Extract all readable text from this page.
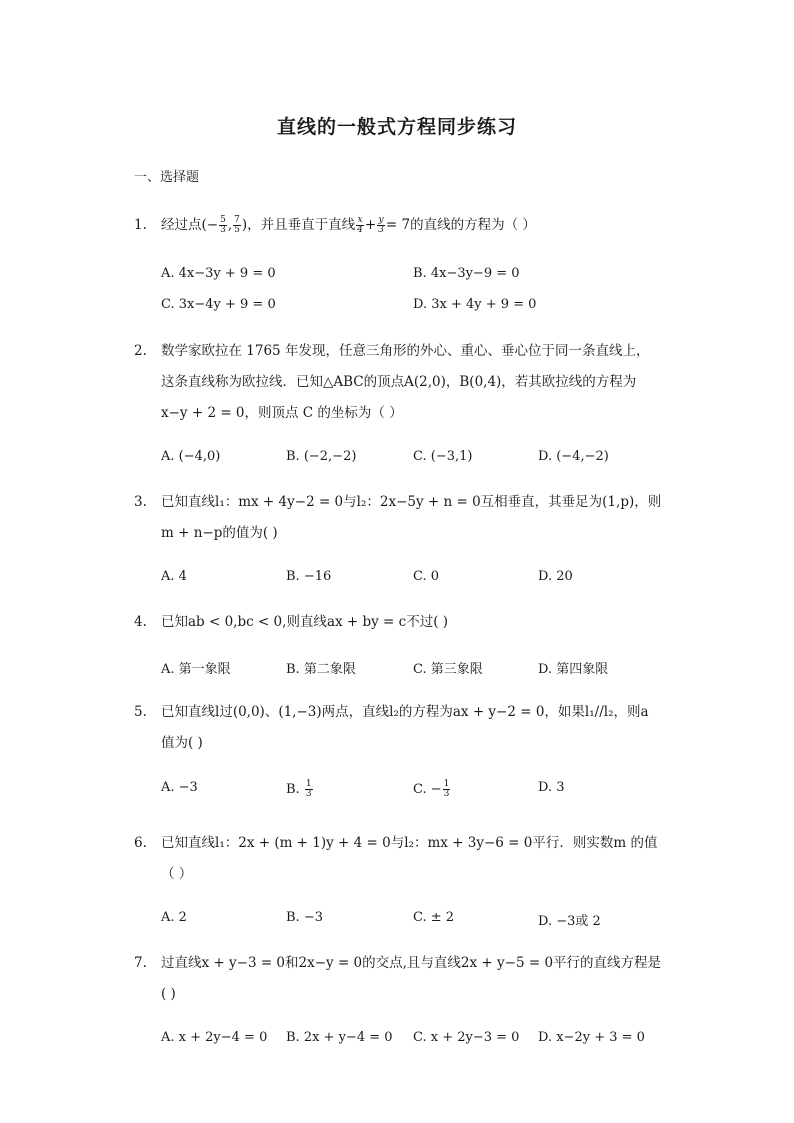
直线的一般式方程同步练习
一、选择题
1.	经过点(− $\frac{5}{3}$ , $\frac{7}{5}$ )，并且垂直于直线 $\frac{x}{4} + \frac{y}{3} = 7$的直线的方程为（ ）
A. 4x−3y + 9 = 0	B. 4x−3y−9 = 0
C. 3x−4y + 9 = 0	D. 3x + 4y + 9 = 0
2.	数学家欧拉在 1765 年发现，任意三角形的外心、重心、垂心位于同一条直线上，
这条直线称为欧拉线．已知△ABC的顶点A(2,0)，B(0,4)，若其欧拉线的方程为
x−y + 2 = 0，则顶点 C 的坐标为（ ）
A. (−4,0)	B. (−2,−2)	C. (−3,1)	D. (−4,−2)
3.	已知直线l₁：mx + 4y−2 = 0与l₂：2x−5y + n = 0互相垂直，其垂足为(1,p)，则
m + n−p的值为( )
A. 4	B. −16	C. 0	D. 20
4.	已知ab < 0,bc < 0,则直线ax + by = c不过( )
A. 第一象限	B. 第二象限	C. 第三象限	D. 第四象限
5.	已知直线l过(0,0)、(1,−3)两点，直线l₂的方程为ax + y−2 = 0，如果l₁//l₂，则a
值为( )
A. −3	B. $\frac{1}{3}$	C. − $\frac{1}{3}$	D. 3
6.	已知直线l₁：2x + (m + 1)y + 4 = 0与l₂：mx + 3y−6 = 0平行．则实数m 的值
（ ）
A. 2	B. −3	C. ± 2	D. −3或 2
7.	过直线x + y−3 = 0和2x−y = 0的交点,且与直线2x + y−5 = 0平行的直线方程是
( )
A. x + 2y−4 = 0 B. 2x + y−4 = 0 C. x + 2y−3 = 0 D. x−2y + 3 = 0
